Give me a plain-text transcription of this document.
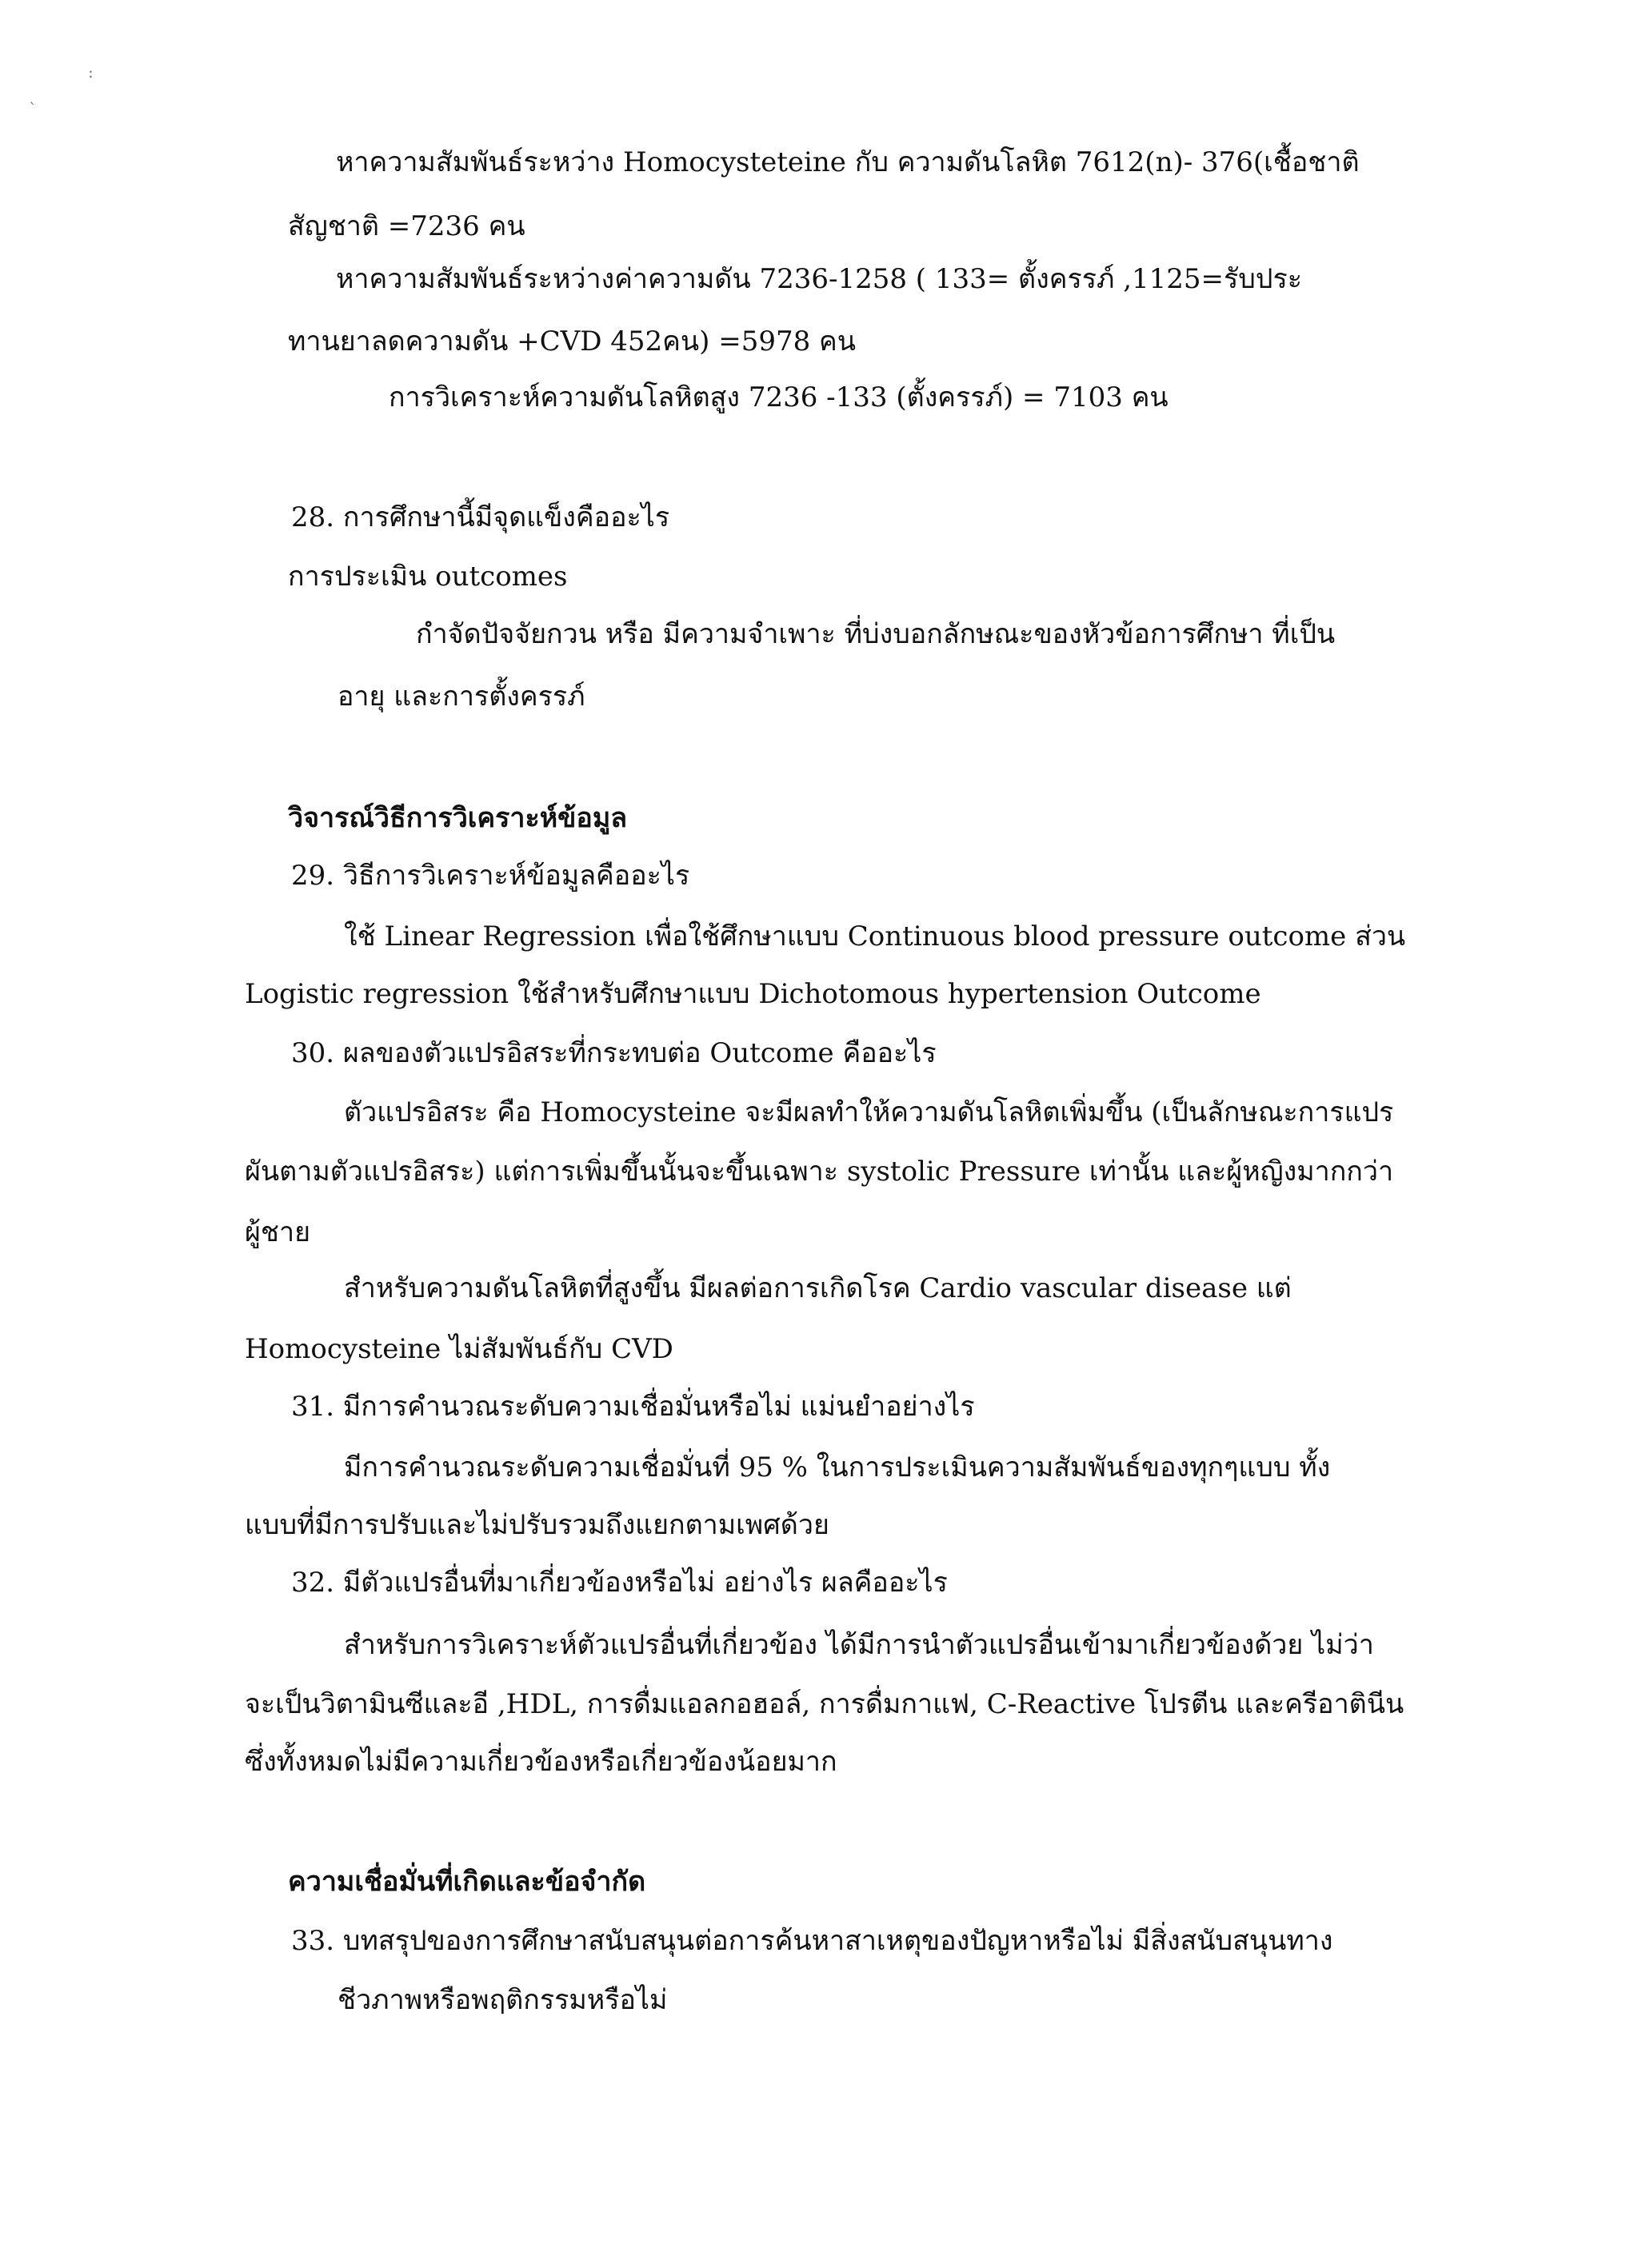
:
`
หาความสัมพันธ์ระหว่าง Homocysteteine กับ ความดันโลหิต 7612(n)- 376(เชื้อชาติ
สัญชาติ =7236 คน
หาความสัมพันธ์ระหว่างค่าความดัน 7236-1258 ( 133= ตั้งครรภ์ ,1125=รับประ
ทานยาลดความดัน +CVD 452คน) =5978 คน
การวิเคราะห์ความดันโลหิตสูง 7236 -133 (ตั้งครรภ์) = 7103 คน
28. การศึกษานี้มีจุดแข็งคืออะไร
การประเมิน outcomes
กำจัดปัจจัยกวน หรือ มีความจำเพาะ ที่บ่งบอกลักษณะของหัวข้อการศึกษา ที่เป็น
อายุ และการตั้งครรภ์
วิจารณ์วิธีการวิเคราะห์ข้อมูล
29. วิธีการวิเคราะห์ข้อมูลคืออะไร
ใช้ Linear Regression เพื่อใช้ศึกษาแบบ Continuous blood pressure outcome ส่วน
Logistic regression ใช้สำหรับศึกษาแบบ Dichotomous hypertension Outcome
30. ผลของตัวแปรอิสระที่กระทบต่อ Outcome คืออะไร
ตัวแปรอิสระ คือ Homocysteine จะมีผลทำให้ความดันโลหิตเพิ่มขึ้น (เป็นลักษณะการแปร
ผันตามตัวแปรอิสระ) แต่การเพิ่มขึ้นนั้นจะขึ้นเฉพาะ systolic Pressure เท่านั้น และผู้หญิงมากกว่า
ผู้ชาย
สำหรับความดันโลหิตที่สูงขึ้น มีผลต่อการเกิดโรค Cardio vascular disease แต่
Homocysteine ไม่สัมพันธ์กับ CVD
31. มีการคำนวณระดับความเชื่อมั่นหรือไม่ แม่นยำอย่างไร
มีการคำนวณระดับความเชื่อมั่นที่ 95 % ในการประเมินความสัมพันธ์ของทุกๆแบบ ทั้ง
แบบที่มีการปรับและไม่ปรับรวมถึงแยกตามเพศด้วย
32. มีตัวแปรอื่นที่มาเกี่ยวข้องหรือไม่ อย่างไร ผลคืออะไร
สำหรับการวิเคราะห์ตัวแปรอื่นที่เกี่ยวข้อง ได้มีการนำตัวแปรอื่นเข้ามาเกี่ยวข้องด้วย ไม่ว่า
จะเป็นวิตามินซีและอี ,HDL, การดื่มแอลกอฮอล์, การดื่มกาแฟ, C-Reactive โปรตีน และครีอาตินีน
ซึ่งทั้งหมดไม่มีความเกี่ยวข้องหรือเกี่ยวข้องน้อยมาก
ความเชื่อมั่นที่เกิดและข้อจำกัด
33. บทสรุปของการศึกษาสนับสนุนต่อการค้นหาสาเหตุของปัญหาหรือไม่ มีสิ่งสนับสนุนทาง
ชีวภาพหรือพฤติกรรมหรือไม่
